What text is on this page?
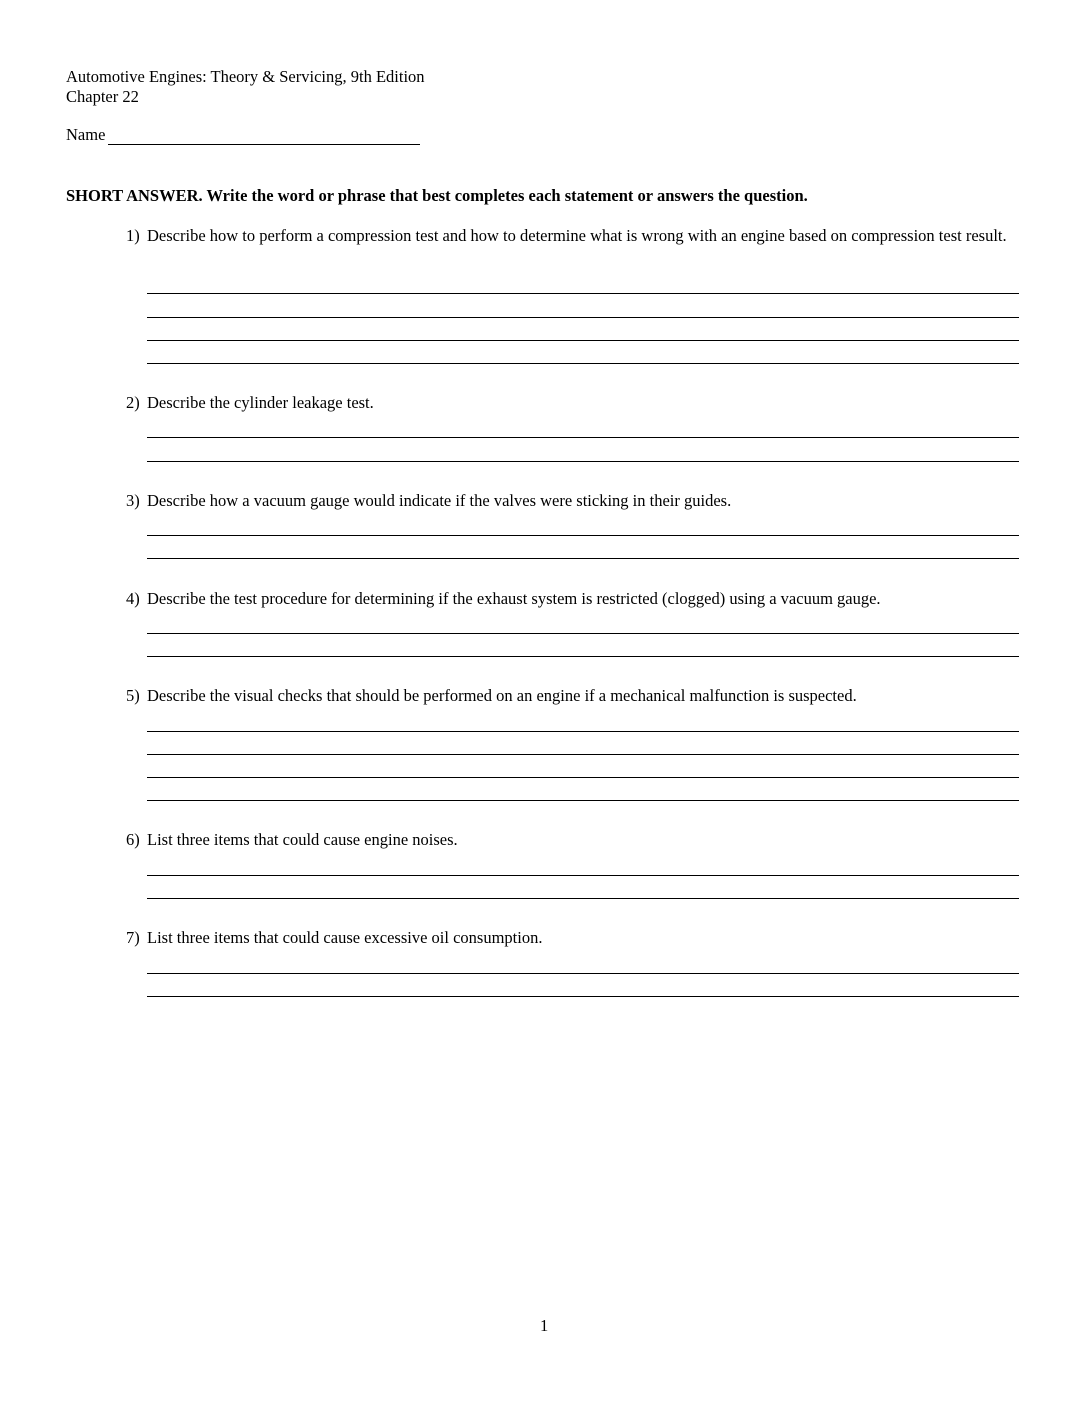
Automotive Engines: Theory & Servicing, 9th Edition
Chapter 22
Name
SHORT ANSWER. Write the word or phrase that best completes each statement or answers the question.
1) Describe how to perform a compression test and how to determine what is wrong with an engine based on compression test result.
2) Describe the cylinder leakage test.
3) Describe how a vacuum gauge would indicate if the valves were sticking in their guides.
4) Describe the test procedure for determining if the exhaust system is restricted (clogged) using a vacuum gauge.
5) Describe the visual checks that should be performed on an engine if a mechanical malfunction is suspected.
6) List three items that could cause engine noises.
7) List three items that could cause excessive oil consumption.
1
